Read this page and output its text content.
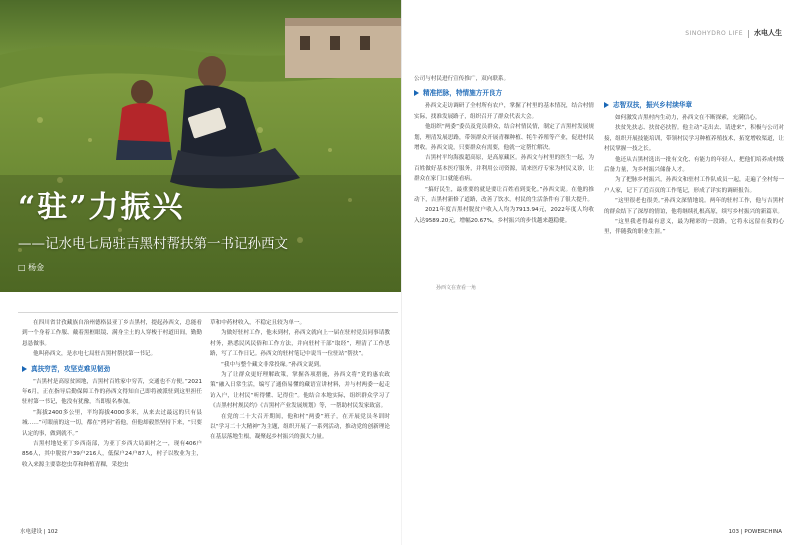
“驻”力振兴
——记水电七局驻吉黑村帮扶第一书记孙西文
□ 杨金
SINOHYDRO LIFE 水电人生
孙西文在查看一角

在四川省甘孜藏族自治州德格县亚丁乡吉黑村，提起孙西文，总能看到一个身着工作服、戴着黑框眼镜、满身尘土的人穿梭于村道田间，勤勤恳恳做事。

他叫孙西文，是水电七局驻吉黑村帮扶第一书记。

真扶穷苦，攻坚克难见韧劲

“吉黑村是高原贫困地，吉黑村百姓家中穷苦，交通也不方便。”2021年6月，正在指导后勤保障工作的孙西文得知自己即将被派驻到这里担任驻村第一书记，他没有犹豫，当即报名参加。

“海拔2400多公里，平均海拔4000多米，从来去过最远的只有县城……”可眼前的这一切，都在“拷问”着他，但他却毅然坚持下来，“只要认定的事，做到就不。”

吉黑村地处亚丁乡西南部，为亚丁乡西大局面村之一，现有406户856人，其中脱贫户39户216人，低保户24户87人，村子以牧业为主，收入来源主要靠挖虫草和种植青稞，采挖虫

草和中药材收入，不稳定且较为单一。

为做好驻村工作，他未到村，孙西文就向上一届在驻村党员同事请教村务，熟悉民风民俗和工作方法，并向驻村干部“取经”，理清了工作思路，写了工作日记。孙西文的驻村笔记中说当一位驻站“帮扶”。

“我中与整个藏文非常投缘。”孙西文说到。

为了让群众更好理解政策，掌握各项措施，孙西文将“党的惠农政策”融入日常生活，编写了通俗易懂的藏语宣讲材料，并与村两委一起走访入户，让村民“听得懂、记得住”。他结合本地实际，组织群众学习了《吉黑村村规民约》《吉黑村产业发展规划》等，一帮助村民发家致富。

在党的二十大召开期间，他和村“两委”班子，在开展党员冬训时以“学习二十大精神”为主题，组织开展了一系列活动，推动党的创新理论在基层落地生根，凝聚起乡村振兴的强大力量。

公司与村民进行宣传推广，双向联系。

精准把脉，特情施方开良方

孙西文走访调研了全村所有农户，掌握了村里的基本情况，结合村情实际，找准发展路子，组织召开了群众代表大会。

他组织“两委”委员及党员群众，结合村情民情，制定了吉黑村发展规划，理清发展思路，带领群众开展青稞种植、牦牛养殖等产业，促进村民增收。孙西文说，只要群众有需要，他就一定帮忙解决。

吉黑村平均海拔超高原，是高原藏区。孙西文与村里的医生一起，为百姓做好基本医疗服务，并利用公司资源，请来医疗专家为村民义诊，让群众在家门口就能看病。

“搞好民生，最重要的就是要让百姓看到变化。”孙西文说。在他的推动下，吉黑村新修了道路，改善了饮水，村民的生活条件有了很大提升。

2021年度吉黑村脱贫户收入人均为7913.94元，2022年度人均收入达9589.20元，增幅20.67%，乡村振兴的步伐越来越稳健。

志智双扶，振兴乡村续华章

如何激发吉黑村内生动力，孙西文在不断探索，充满信心。

扶贫先扶志、扶贫必扶智。他主动“走出去、请进来”，积极与公司对接，组织开展技能培训，带领村民学习种植养殖技术，拓宽增收渠道，让村民掌握一技之长。

他还从吉黑村选出一批有文化、有能力的年轻人，把他们培养成村级后备力量，为乡村振兴储备人才。

为了把脉乡村振兴，孙西文和驻村工作队成员一起，走遍了全村每一户人家，记下了近百页的工作笔记，形成了详实的调研报告。

“这里很老也很美。”孙西文深情地说。两年的驻村工作，他与吉黑村的群众结下了深厚的情谊，他将继续扎根高原，续写乡村振兴的新篇章。

“这里我老得最有意义，最为精彩的一段路，它将永远留在我的心里，伴随我的职业生涯。”

水电建设 | 102	103 | POWERCHINA
